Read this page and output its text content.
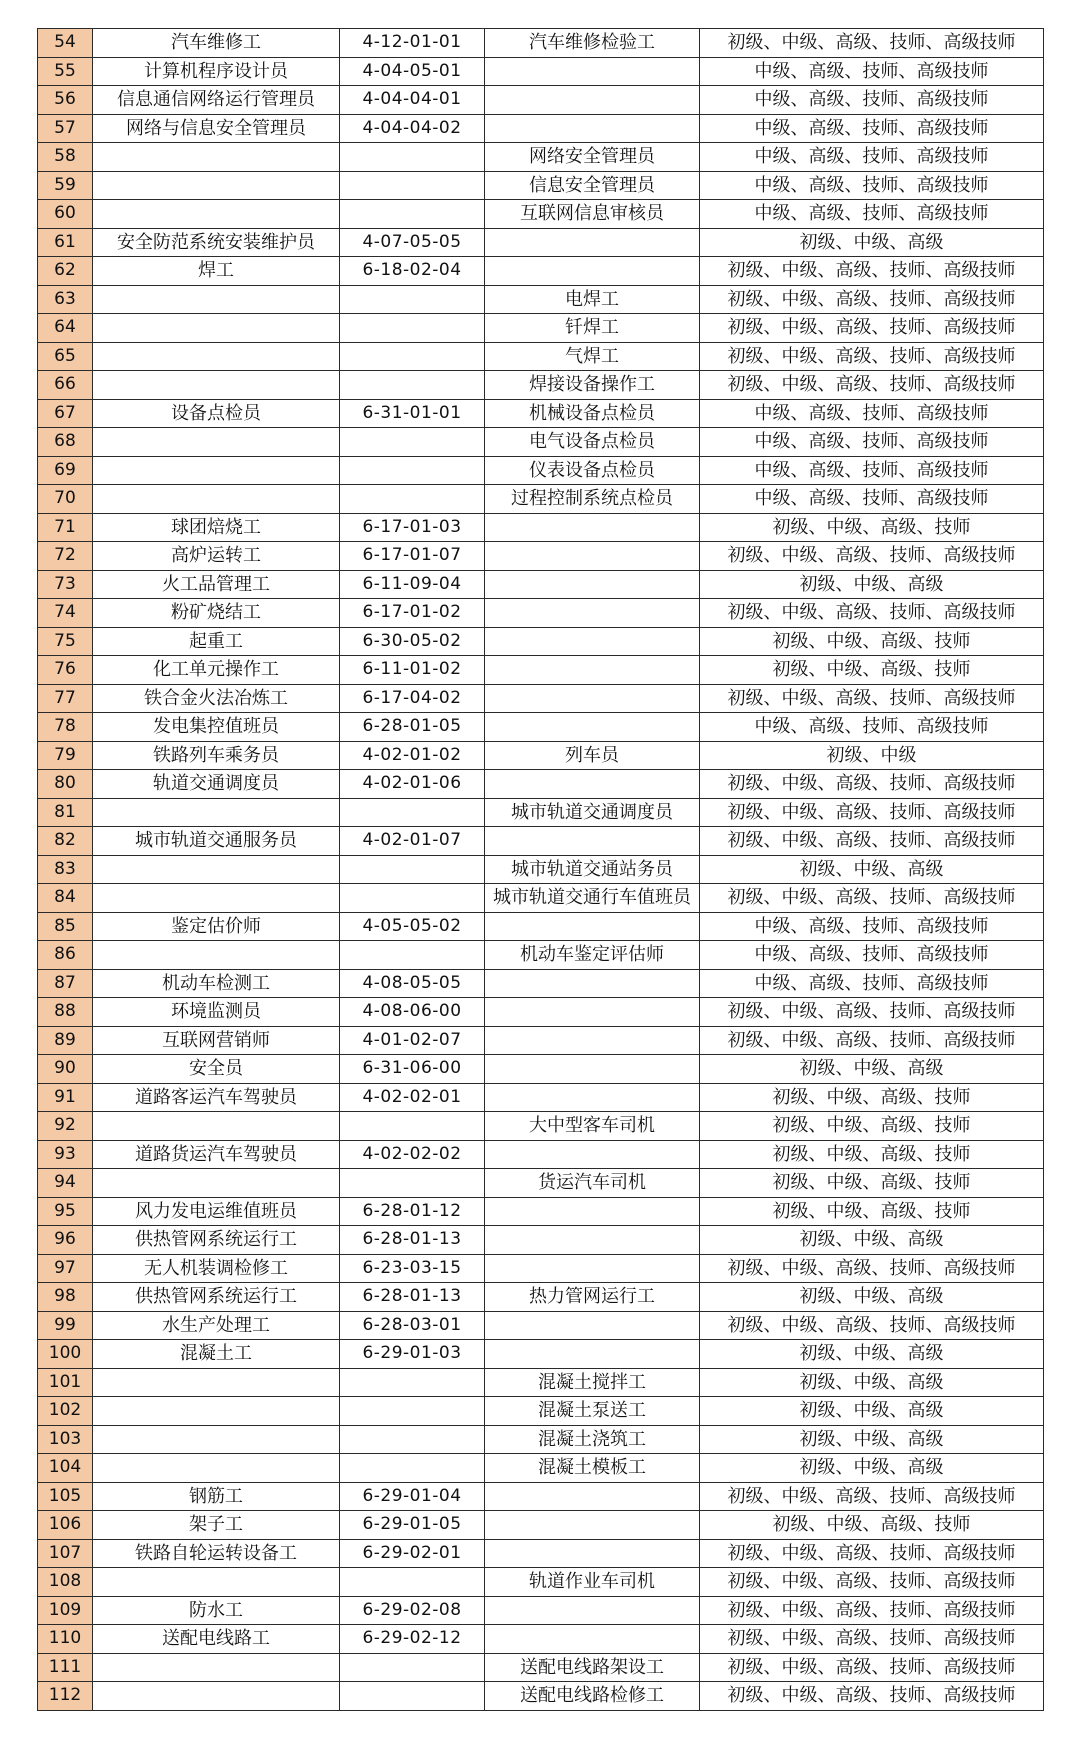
54	汽车维修工	4-12-01-01	汽车维修检验工	初级、中级、高级、技师、高级技师
55	计算机程序设计员	4-04-05-01		中级、高级、技师、高级技师
56	信息通信网络运行管理员	4-04-04-01		中级、高级、技师、高级技师
57	网络与信息安全管理员	4-04-04-02		中级、高级、技师、高级技师
58			网络安全管理员	中级、高级、技师、高级技师
59			信息安全管理员	中级、高级、技师、高级技师
60			互联网信息审核员	中级、高级、技师、高级技师
61	安全防范系统安装维护员	4-07-05-05		初级、中级、高级
62	焊工	6-18-02-04		初级、中级、高级、技师、高级技师
63			电焊工	初级、中级、高级、技师、高级技师
64			钎焊工	初级、中级、高级、技师、高级技师
65			气焊工	初级、中级、高级、技师、高级技师
66			焊接设备操作工	初级、中级、高级、技师、高级技师
67	设备点检员	6-31-01-01	机械设备点检员	中级、高级、技师、高级技师
68			电气设备点检员	中级、高级、技师、高级技师
69			仪表设备点检员	中级、高级、技师、高级技师
70			过程控制系统点检员	中级、高级、技师、高级技师
71	球团焙烧工	6-17-01-03		初级、中级、高级、技师
72	高炉运转工	6-17-01-07		初级、中级、高级、技师、高级技师
73	火工品管理工	6-11-09-04		初级、中级、高级
74	粉矿烧结工	6-17-01-02		初级、中级、高级、技师、高级技师
75	起重工	6-30-05-02		初级、中级、高级、技师
76	化工单元操作工	6-11-01-02		初级、中级、高级、技师
77	铁合金火法冶炼工	6-17-04-02		初级、中级、高级、技师、高级技师
78	发电集控值班员	6-28-01-05		中级、高级、技师、高级技师
79	铁路列车乘务员	4-02-01-02	列车员	初级、中级
80	轨道交通调度员	4-02-01-06		初级、中级、高级、技师、高级技师
81			城市轨道交通调度员	初级、中级、高级、技师、高级技师
82	城市轨道交通服务员	4-02-01-07		初级、中级、高级、技师、高级技师
83			城市轨道交通站务员	初级、中级、高级
84			城市轨道交通行车值班员	初级、中级、高级、技师、高级技师
85	鉴定估价师	4-05-05-02		中级、高级、技师、高级技师
86			机动车鉴定评估师	中级、高级、技师、高级技师
87	机动车检测工	4-08-05-05		中级、高级、技师、高级技师
88	环境监测员	4-08-06-00		初级、中级、高级、技师、高级技师
89	互联网营销师	4-01-02-07		初级、中级、高级、技师、高级技师
90	安全员	6-31-06-00		初级、中级、高级
91	道路客运汽车驾驶员	4-02-02-01		初级、中级、高级、技师
92			大中型客车司机	初级、中级、高级、技师
93	道路货运汽车驾驶员	4-02-02-02		初级、中级、高级、技师
94			货运汽车司机	初级、中级、高级、技师
95	风力发电运维值班员	6-28-01-12		初级、中级、高级、技师
96	供热管网系统运行工	6-28-01-13		初级、中级、高级
97	无人机装调检修工	6-23-03-15		初级、中级、高级、技师、高级技师
98	供热管网系统运行工	6-28-01-13	热力管网运行工	初级、中级、高级
99	水生产处理工	6-28-03-01		初级、中级、高级、技师、高级技师
100	混凝土工	6-29-01-03		初级、中级、高级
101			混凝土搅拌工	初级、中级、高级
102			混凝土泵送工	初级、中级、高级
103			混凝土浇筑工	初级、中级、高级
104			混凝土模板工	初级、中级、高级
105	钢筋工	6-29-01-04		初级、中级、高级、技师、高级技师
106	架子工	6-29-01-05		初级、中级、高级、技师
107	铁路自轮运转设备工	6-29-02-01		初级、中级、高级、技师、高级技师
108			轨道作业车司机	初级、中级、高级、技师、高级技师
109	防水工	6-29-02-08		初级、中级、高级、技师、高级技师
110	送配电线路工	6-29-02-12		初级、中级、高级、技师、高级技师
111			送配电线路架设工	初级、中级、高级、技师、高级技师
112			送配电线路检修工	初级、中级、高级、技师、高级技师
